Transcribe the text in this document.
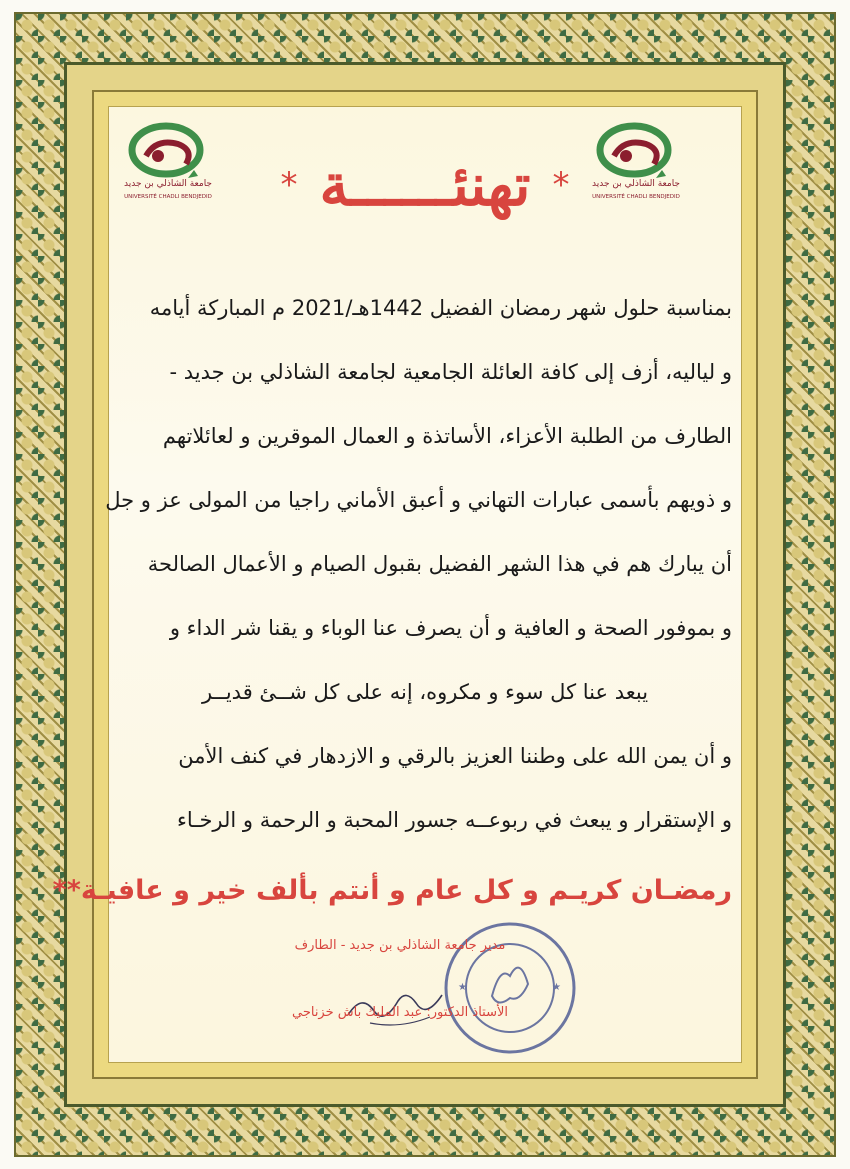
جامعة الشاذلي بن جديد
UNIVERSITÉ CHADLI BENDJEDID
جامعة الشاذلي بن جديد
UNIVERSITÉ CHADLI BENDJEDID
* تهنئــــــة *
بمناسبة حلول شهر رمضان الفضيل 1442هـ/2021 م المباركة أيامه
و لياليه، أزف إلى كافة العائلة الجامعية لجامعة الشاذلي بن جديد -
الطارف من الطلبة الأعزاء، الأساتذة و العمال الموقرين و لعائلاتهم
و ذويهم بأسمى عبارات التهاني و أعبق الأماني راجيا من المولى عز و جل
أن يبارك هم في هذا الشهر الفضيل بقبول الصيام و الأعمال الصالحة
و بموفور الصحة و العافية و أن يصرف عنا الوباء و يقنا شر الداء و
يبعد عنا كل سوء و مكروه، إنه على كل شــئ قديــر
و أن يمن الله على وطننا العزيز بالرقي و الازدهار في كنف الأمن
و الإستقرار و يبعث في ربوعــه جسور المحبة و الرحمة و الرخـاء
رمضـان كريـم و كل عام و أنتم بألف خير و عافيـة**
★	★
مدير جامعة الشاذلي بن جديد - الطارف
الأستاذ الدكتور: عبد المليك باش خزناجي
